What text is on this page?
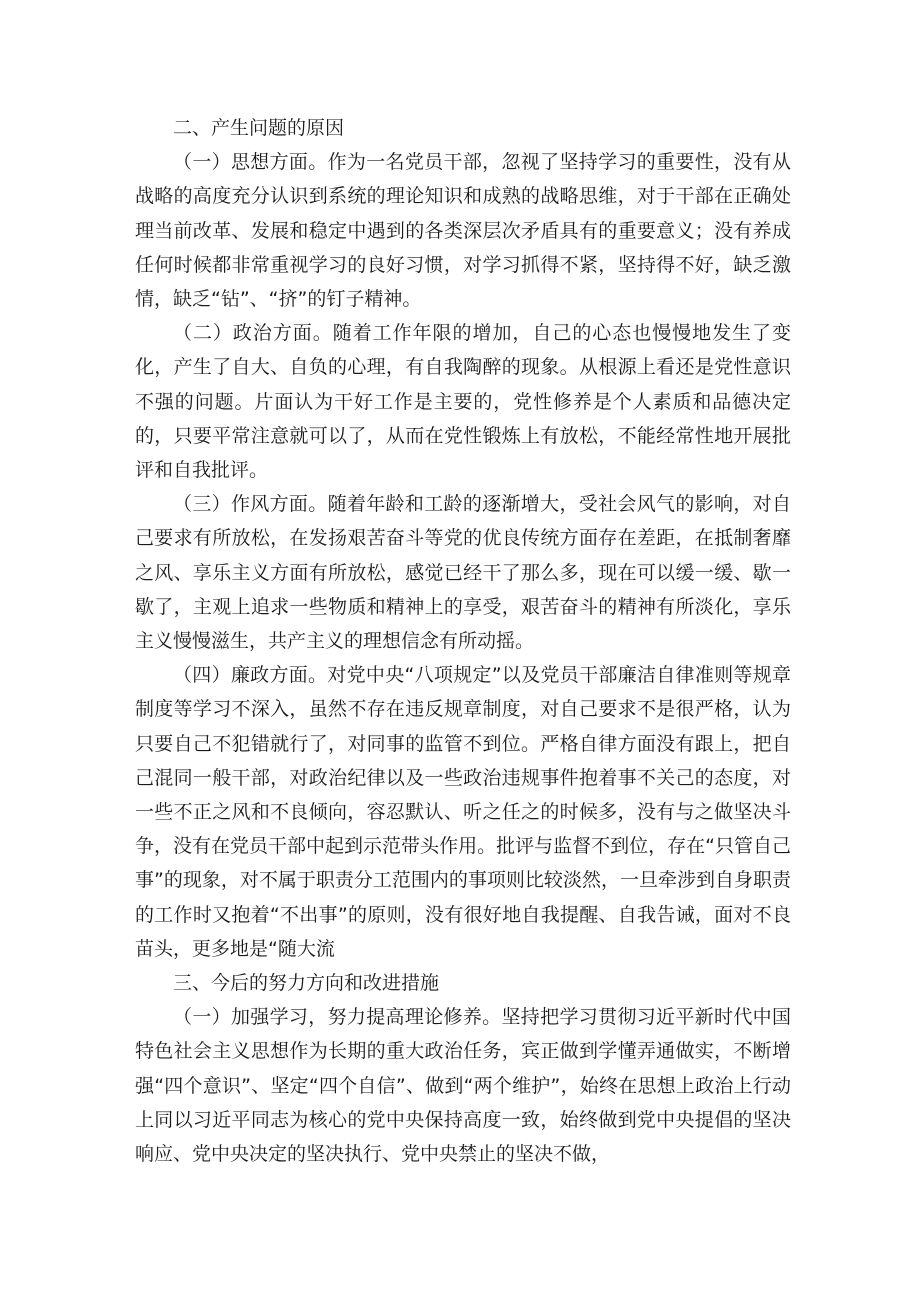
二、产生问题的原因

（一）思想方面。作为一名党员干部，忽视了坚持学习的重要性，没有从战略的高度充分认识到系统的理论知识和成熟的战略思维，对于干部在正确处理当前改革、发展和稳定中遇到的各类深层次矛盾具有的重要意义；没有养成任何时候都非常重视学习的良好习惯，对学习抓得不紧，坚持得不好，缺乏激情，缺乏“钻”、“挤”的钉子精神。

（二）政治方面。随着工作年限的增加，自己的心态也慢慢地发生了变化，产生了自大、自负的心理，有自我陶醉的现象。从根源上看还是党性意识不强的问题。片面认为干好工作是主要的，党性修养是个人素质和品德决定的，只要平常注意就可以了，从而在党性锻炼上有放松，不能经常性地开展批评和自我批评。

（三）作风方面。随着年龄和工龄的逐渐增大，受社会风气的影响，对自己要求有所放松，在发扬艰苦奋斗等党的优良传统方面存在差距，在抵制奢靡之风、享乐主义方面有所放松，感觉已经干了那么多，现在可以缓一缓、歇一歇了，主观上追求一些物质和精神上的享受，艰苦奋斗的精神有所淡化，享乐主义慢慢滋生，共产主义的理想信念有所动摇。

（四）廉政方面。对党中央“八项规定”以及党员干部廉洁自律准则等规章制度等学习不深入，虽然不存在违反规章制度，对自己要求不是很严格，认为只要自己不犯错就行了，对同事的监管不到位。严格自律方面没有跟上，把自己混同一般干部，对政治纪律以及一些政治违规事件抱着事不关己的态度，对一些不正之风和不良倾向，容忍默认、听之任之的时候多，没有与之做坚决斗争，没有在党员干部中起到示范带头作用。批评与监督不到位，存在“只管自己事”的现象，对不属于职责分工范围内的事项则比较淡然，一旦牵涉到自身职责的工作时又抱着“不出事”的原则，没有很好地自我提醒、自我告诫，面对不良苗头，更多地是“随大流

三、今后的努力方向和改进措施

（一）加强学习，努力提高理论修养。坚持把学习贯彻习近平新时代中国特色社会主义思想作为长期的重大政治任务，宾正做到学懂弄通做实，不断增强“四个意识”、坚定“四个自信”、做到“两个维护”，始终在思想上政治上行动上同以习近平同志为核心的党中央保持高度一致，始终做到党中央提倡的坚决响应、党中央决定的坚决执行、党中央禁止的坚决不做，
